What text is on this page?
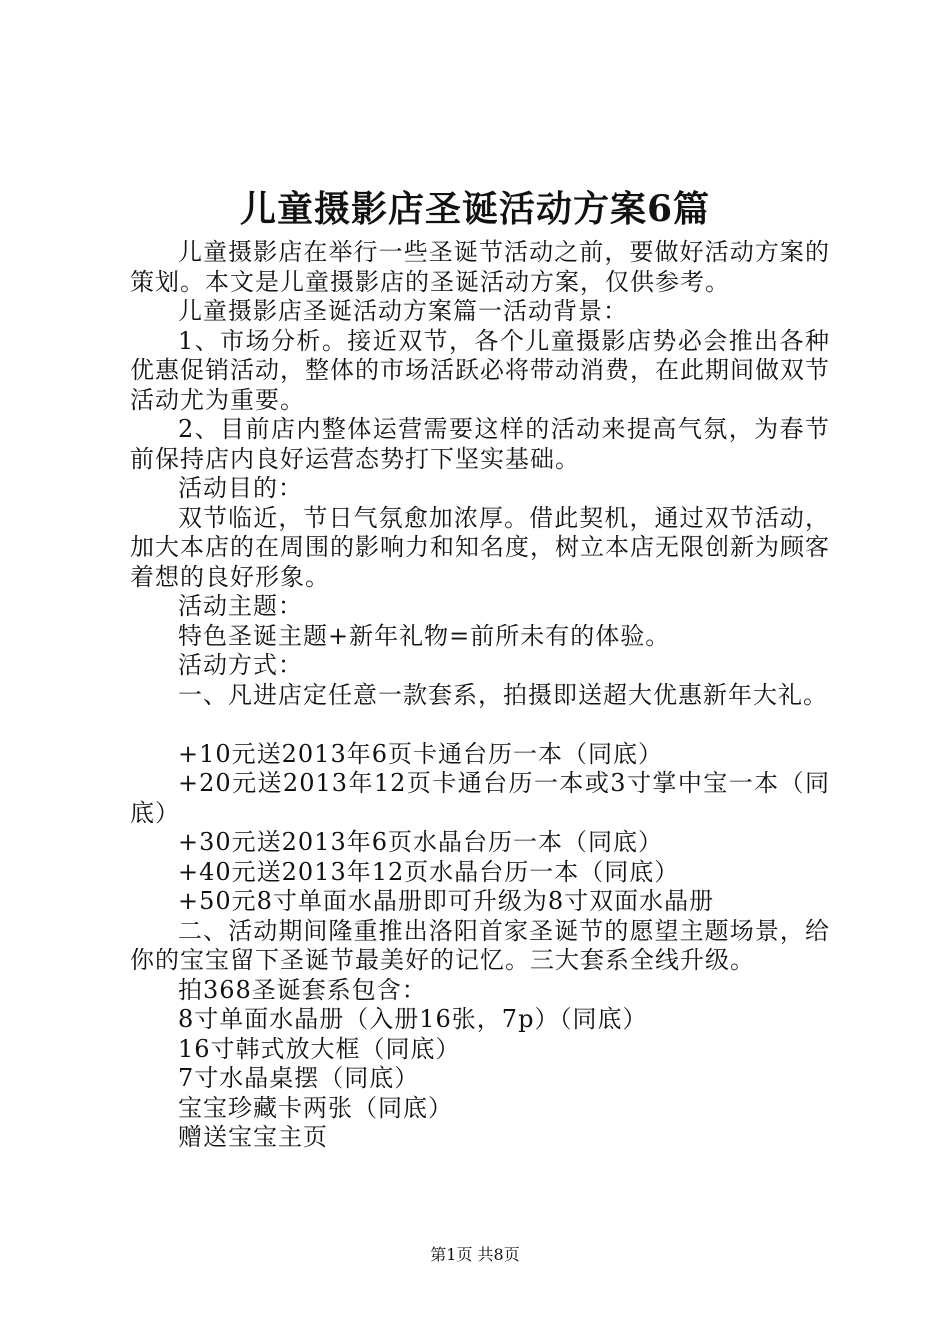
儿童摄影店圣诞活动方案6篇

儿童摄影店在举行一些圣诞节活动之前，要做好活动方案的策划。本文是儿童摄影店的圣诞活动方案，仅供参考。

儿童摄影店圣诞活动方案篇一活动背景：

1、市场分析。接近双节，各个儿童摄影店势必会推出各种优惠促销活动，整体的市场活跃必将带动消费，在此期间做双节活动尤为重要。

2、目前店内整体运营需要这样的活动来提高气氛，为春节前保持店内良好运营态势打下坚实基础。

活动目的：

双节临近，节日气氛愈加浓厚。借此契机，通过双节活动，加大本店的在周围的影响力和知名度，树立本店无限创新为顾客着想的良好形象。

活动主题：

特色圣诞主题+新年礼物=前所未有的体验。

活动方式：

一、凡进店定任意一款套系，拍摄即送超大优惠新年大礼。

+10元送2013年6页卡通台历一本（同底）

+20元送2013年12页卡通台历一本或3寸掌中宝一本（同底）

+30元送2013年6页水晶台历一本（同底）

+40元送2013年12页水晶台历一本（同底）

+50元8寸单面水晶册即可升级为8寸双面水晶册

二、活动期间隆重推出洛阳首家圣诞节的愿望主题场景，给你的宝宝留下圣诞节最美好的记忆。三大套系全线升级。

拍368圣诞套系包含：

8寸单面水晶册（入册16张，7p）（同底）

16寸韩式放大框（同底）

7寸水晶桌摆（同底）

宝宝珍藏卡两张（同底）

赠送宝宝主页

第1页 共8页
